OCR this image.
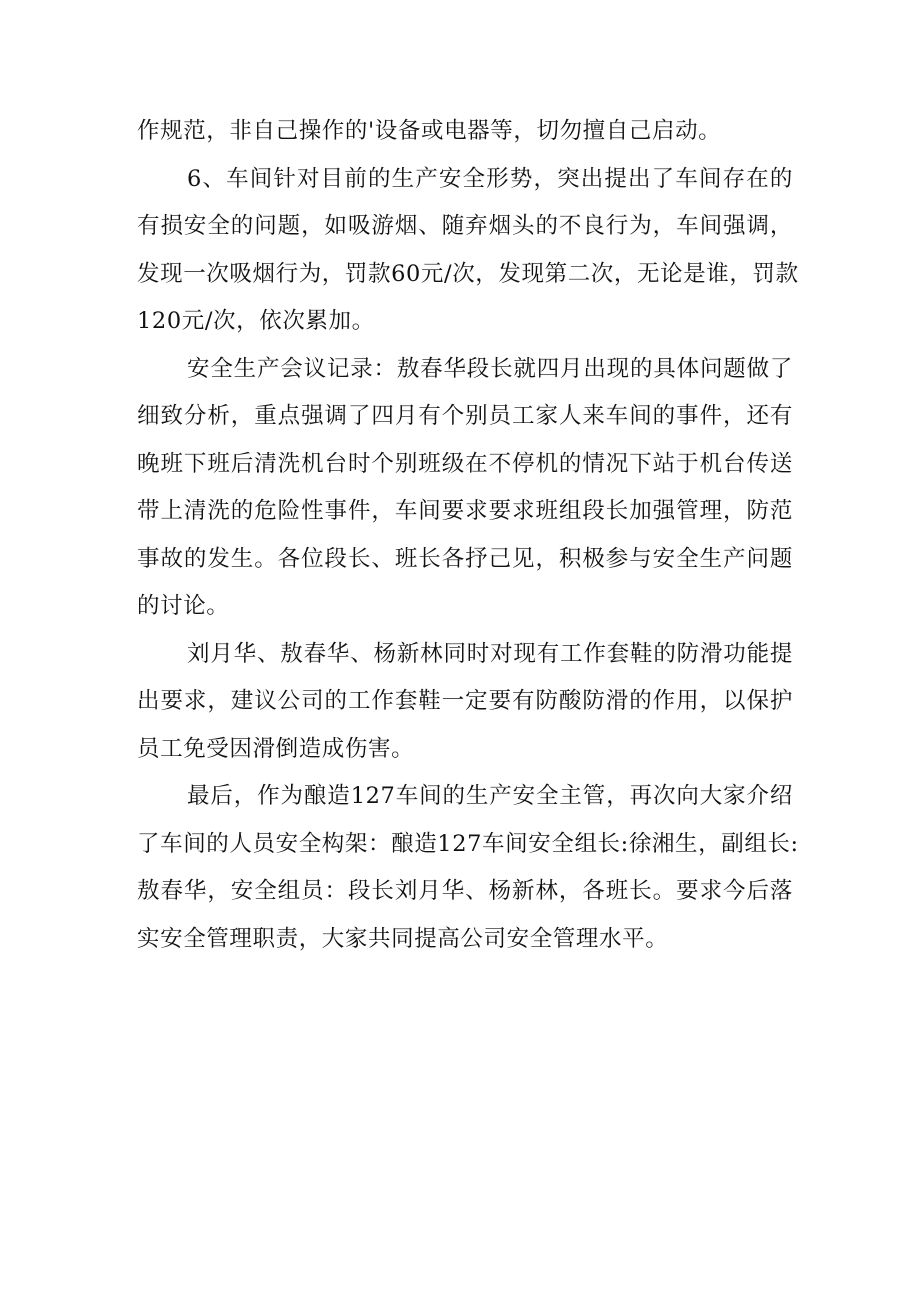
作规范，非自己操作的'设备或电器等，切勿擅自己启动。
6、车间针对目前的生产安全形势，突出提出了车间存在的
有损安全的问题，如吸游烟、随弃烟头的不良行为，车间强调，
发现一次吸烟行为，罚款60元/次，发现第二次，无论是谁，罚款
120元/次，依次累加。
安全生产会议记录：敖春华段长就四月出现的具体问题做了
细致分析，重点强调了四月有个别员工家人来车间的事件，还有
晚班下班后清洗机台时个别班级在不停机的情况下站于机台传送
带上清洗的危险性事件，车间要求要求班组段长加强管理，防范
事故的发生。各位段长、班长各抒己见，积极参与安全生产问题
的讨论。
刘月华、敖春华、杨新林同时对现有工作套鞋的防滑功能提
出要求，建议公司的工作套鞋一定要有防酸防滑的作用，以保护
员工免受因滑倒造成伤害。
最后，作为酿造127车间的生产安全主管，再次向大家介绍
了车间的人员安全构架：酿造127车间安全组长:徐湘生，副组长:
敖春华，安全组员：段长刘月华、杨新林，各班长。要求今后落
实安全管理职责，大家共同提高公司安全管理水平。
